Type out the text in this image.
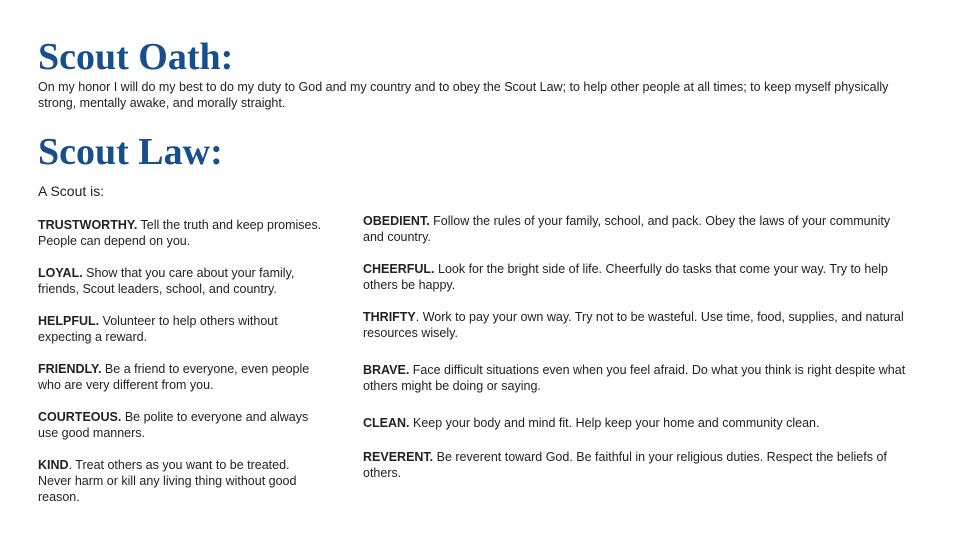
Scout Oath:

On my honor I will do my best to do my duty to God and my country and to obey the Scout Law; to help other people at all times; to keep myself physically strong, mentally awake, and morally straight.

Scout Law:

A Scout is:

TRUSTWORTHY. Tell the truth and keep promises. People can depend on you.

LOYAL. Show that you care about your family, friends, Scout leaders, school, and country.

HELPFUL. Volunteer to help others without expecting a reward.

FRIENDLY. Be a friend to everyone, even people who are very different from you.

COURTEOUS. Be polite to everyone and always use good manners.

KIND. Treat others as you want to be treated. Never harm or kill any living thing without good reason.

OBEDIENT. Follow the rules of your family, school, and pack. Obey the laws of your community and country.

CHEERFUL. Look for the bright side of life. Cheerfully do tasks that come your way. Try to help others be happy.

THRIFTY. Work to pay your own way. Try not to be wasteful. Use time, food, supplies, and natural resources wisely.

BRAVE. Face difficult situations even when you feel afraid. Do what you think is right despite what others might be doing or saying.

CLEAN. Keep your body and mind fit. Help keep your home and community clean.

REVERENT. Be reverent toward God. Be faithful in your religious duties. Respect the beliefs of others.
